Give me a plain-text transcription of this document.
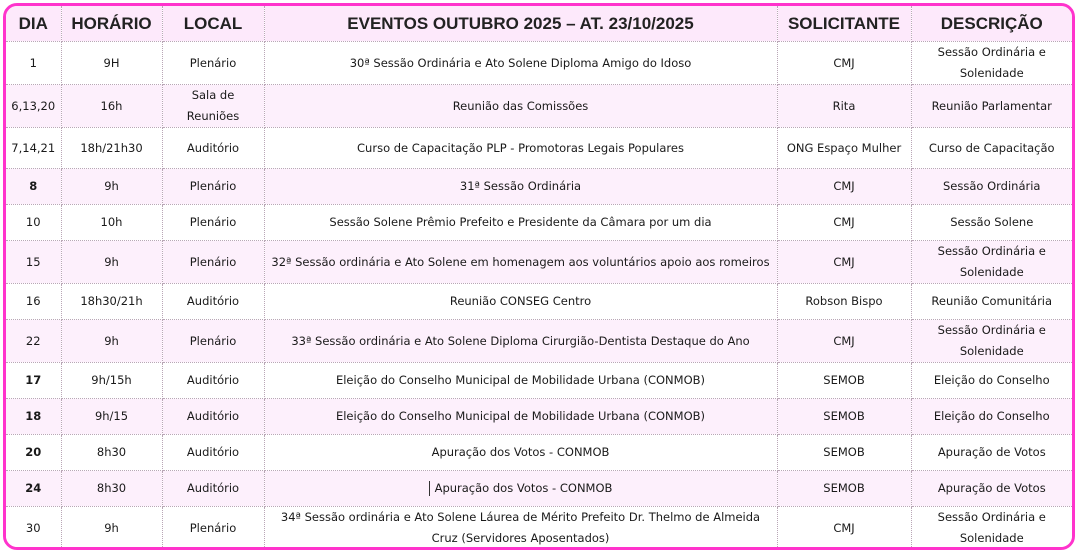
DIA	HORÁRIO	LOCAL	EVENTOS OUTUBRO 2025 – AT. 23/10/2025	SOLICITANTE	DESCRIÇÃO
1	9H	Plenário	30ª Sessão Ordinária e Ato Solene Diploma Amigo do Idoso	CMJ	Sessão Ordinária e Solenidade
6,13,20	16h	Sala de Reuniões	Reunião das Comissões	Rita	Reunião Parlamentar
7,14,21	18h/21h30	Auditório	Curso de Capacitação PLP - Promotoras Legais Populares	ONG Espaço Mulher	Curso de Capacitação
8	9h	Plenário	31ª Sessão Ordinária	CMJ	Sessão Ordinária
10	10h	Plenário	Sessão Solene Prêmio Prefeito e Presidente da Câmara por um dia	CMJ	Sessão Solene
15	9h	Plenário	32ª Sessão ordinária e Ato Solene em homenagem aos voluntários apoio aos romeiros	CMJ	Sessão Ordinária e Solenidade
16	18h30/21h	Auditório	Reunião CONSEG Centro	Robson Bispo	Reunião Comunitária
22	9h	Plenário	33ª Sessão ordinária e Ato Solene Diploma Cirurgião-Dentista Destaque do Ano	CMJ	Sessão Ordinária e Solenidade
17	9h/15h	Auditório	Eleição do Conselho Municipal de Mobilidade Urbana (CONMOB)	SEMOB	Eleição do Conselho
18	9h/15	Auditório	Eleição do Conselho Municipal de Mobilidade Urbana (CONMOB)	SEMOB	Eleição do Conselho
20	8h30	Auditório	Apuração dos Votos - CONMOB	SEMOB	Apuração de Votos
24	8h30	Auditório	Apuração dos Votos - CONMOB	SEMOB	Apuração de Votos
30	9h	Plenário	34ª Sessão ordinária e Ato Solene Láurea de Mérito Prefeito Dr. Thelmo de Almeida Cruz (Servidores Aposentados)	CMJ	Sessão Ordinária e Solenidade
